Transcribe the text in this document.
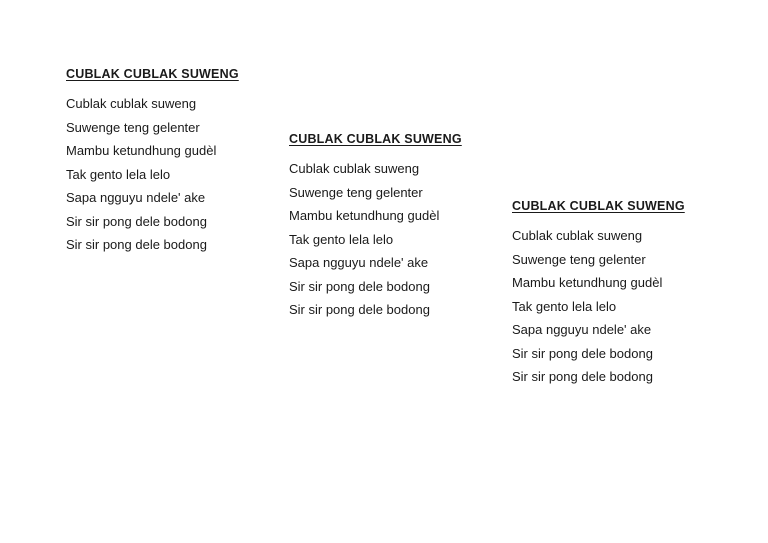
CUBLAK CUBLAK SUWENG
Cublak cublak suweng
Suwenge teng gelenter
Mambu ketundhung gudèl
Tak gento lela lelo
Sapa ngguyu ndele' ake
Sir sir pong dele bodong
Sir sir pong dele bodong
CUBLAK CUBLAK SUWENG
Cublak cublak suweng
Suwenge teng gelenter
Mambu ketundhung gudèl
Tak gento lela lelo
Sapa ngguyu ndele' ake
Sir sir pong dele bodong
Sir sir pong dele bodong
CUBLAK CUBLAK SUWENG
Cublak cublak suweng
Suwenge teng gelenter
Mambu ketundhung gudèl
Tak gento lela lelo
Sapa ngguyu ndele' ake
Sir sir pong dele bodong
Sir sir pong dele bodong
